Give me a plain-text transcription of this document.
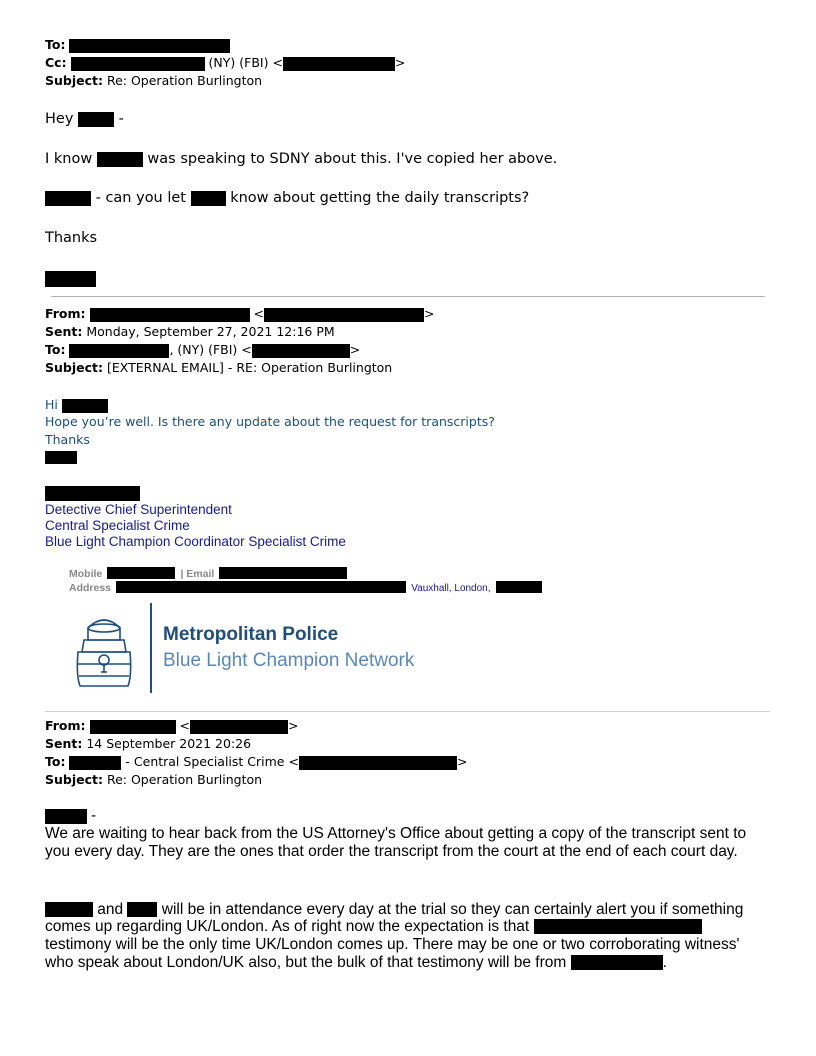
To:
Cc:	(NY) (FBI) <	>
Subject: Re: Operation Burlington
Hey	-
I know	was speaking to SDNY about this. I've copied her above.
- can you let	know about getting the daily transcripts?
Thanks
From:	<	>
Sent: Monday, September 27, 2021 12:16 PM
To:	, (NY) (FBI) <	>
Subject: [EXTERNAL EMAIL] - RE: Operation Burlington
Hi
Hope you’re well. Is there any update about the request for transcripts?
Thanks
Detective Chief Superintendent
Central Specialist Crime
Blue Light Champion Coordinator Specialist Crime
Mobile	| Email
Address	Vauxhall, London,
Metropolitan Police
Blue Light Champion Network
From:	<	>
Sent: 14 September 2021 20:26
To:	- Central Specialist Crime <	>
Subject: Re: Operation Burlington
-
We are waiting to hear back from the US Attorney's Office about getting a copy of the transcript sent to
you every day. They are the ones that order the transcript from the court at the end of each court day.
and  will be in attendance every day at the trial so they can certainly alert you if something
comes up regarding UK/London. As of right now the expectation is that
testimony will be the only time UK/London comes up. There may be one or two corroborating witness'
who speak about London/UK also, but the bulk of that testimony will be from	.
